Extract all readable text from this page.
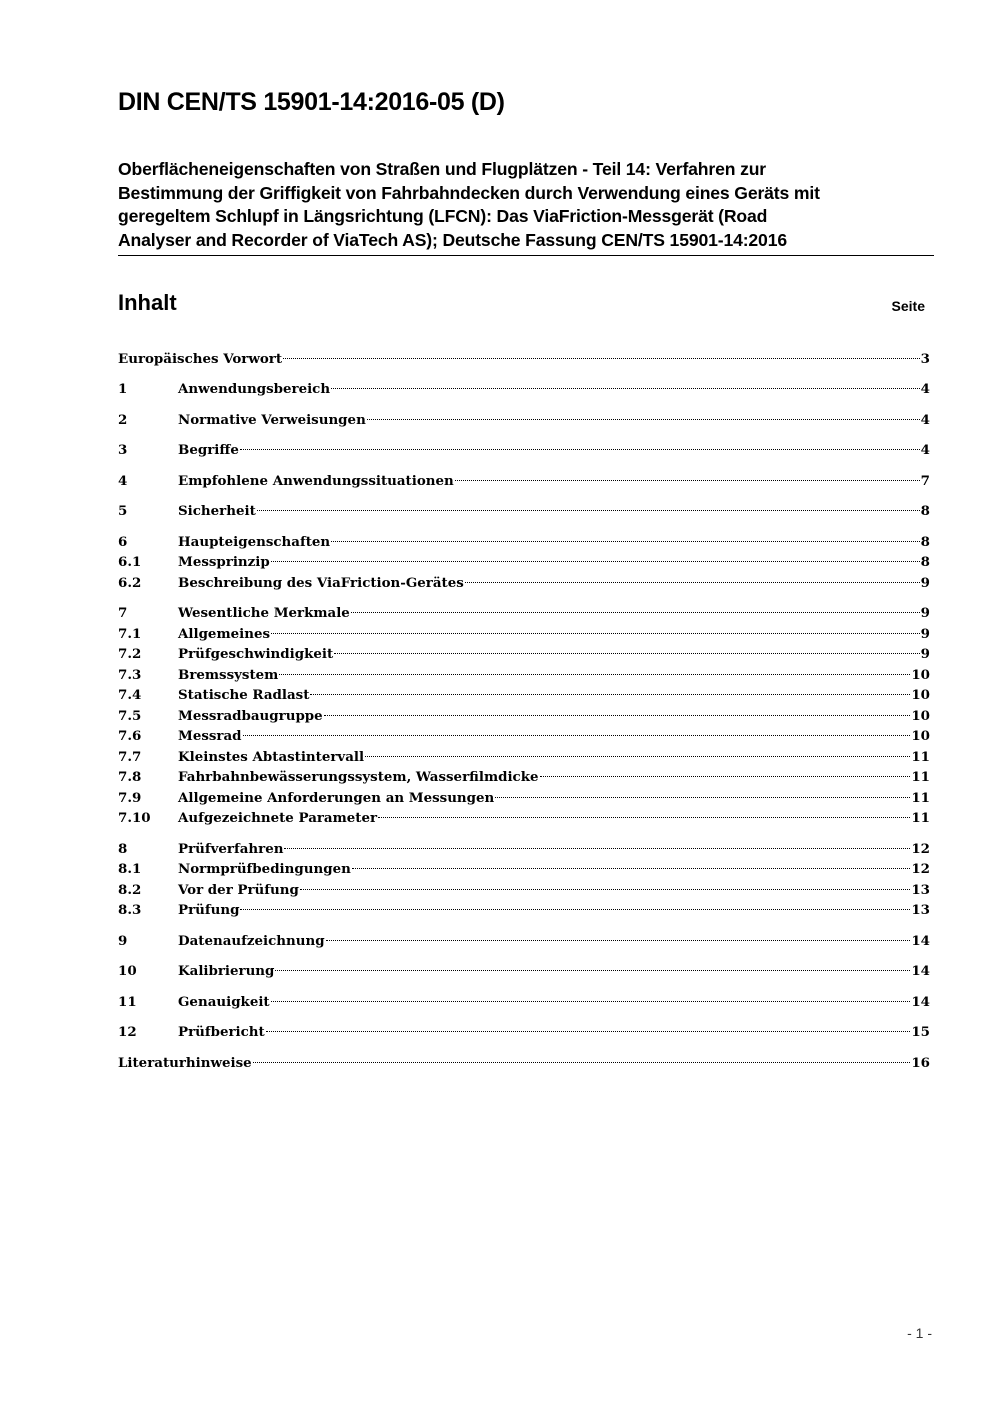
DIN CEN/TS 15901-14:2016-05 (D)
Oberflächeneigenschaften von Straßen und Flugplätzen - Teil 14: Verfahren zur
Bestimmung der Griffigkeit von Fahrbahndecken durch Verwendung eines Geräts mit
geregeltem Schlupf in Längsrichtung (LFCN): Das ViaFriction-Messgerät (Road
Analyser and Recorder of ViaTech AS); Deutsche Fassung CEN/TS 15901-14:2016
Inhalt	Seite
Europäisches Vorwort	3
1	Anwendungsbereich	4
2	Normative Verweisungen	4
3	Begriffe	4
4	Empfohlene Anwendungssituationen	7
5	Sicherheit	8
6	Haupteigenschaften	8
6.1	Messprinzip	8
6.2	Beschreibung des ViaFriction-Gerätes	9
7	Wesentliche Merkmale	9
7.1	Allgemeines	9
7.2	Prüfgeschwindigkeit	9
7.3	Bremssystem	10
7.4	Statische Radlast	10
7.5	Messradbaugruppe	10
7.6	Messrad	10
7.7	Kleinstes Abtastintervall	11
7.8	Fahrbahnbewässerungssystem, Wasserfilmdicke	11
7.9	Allgemeine Anforderungen an Messungen	11
7.10	Aufgezeichnete Parameter	11
8	Prüfverfahren	12
8.1	Normprüfbedingungen	12
8.2	Vor der Prüfung	13
8.3	Prüfung	13
9	Datenaufzeichnung	14
10	Kalibrierung	14
11	Genauigkeit	14
12	Prüfbericht	15
Literaturhinweise	16
- 1 -
